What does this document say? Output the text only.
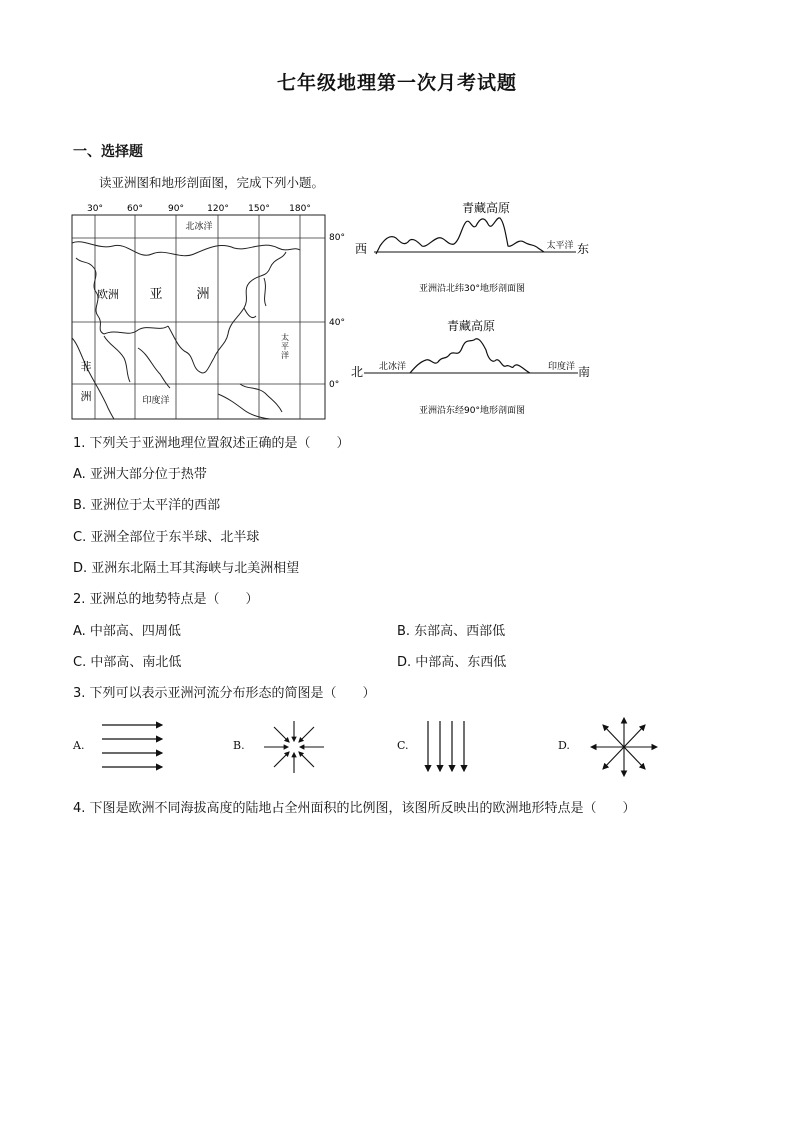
七年级地理第一次月考试题
一、选择题
读亚洲图和地形剖面图，完成下列小题。
30°	60°	90°	120° 150° 180°
80°
40°
0°
北冰洋
欧洲 亚	洲
非
洲	印度洋
太
平
洋
青藏高原
西	东
太平洋
亚洲沿北纬30°地形剖面图
青藏高原
北	南
北冰洋	印度洋
亚洲沿东经90°地形剖面图
1. 下列关于亚洲地理位置叙述正确的是（　　）
A. 亚洲大部分位于热带
B. 亚洲位于太平洋的西部
C. 亚洲全部位于东半球、北半球
D. 亚洲东北隔土耳其海峡与北美洲相望
2. 亚洲总的地势特点是（　　）
A. 中部高、四周低	B. 东部高、西部低
C. 中部高、南北低	D. 中部高、东西低
3. 下列可以表示亚洲河流分布形态的简图是（　　）
A.	B.	C.	D.
4. 下图是欧洲不同海拔高度的陆地占全州面积的比例图，该图所反映出的欧洲地形特点是（　　）
